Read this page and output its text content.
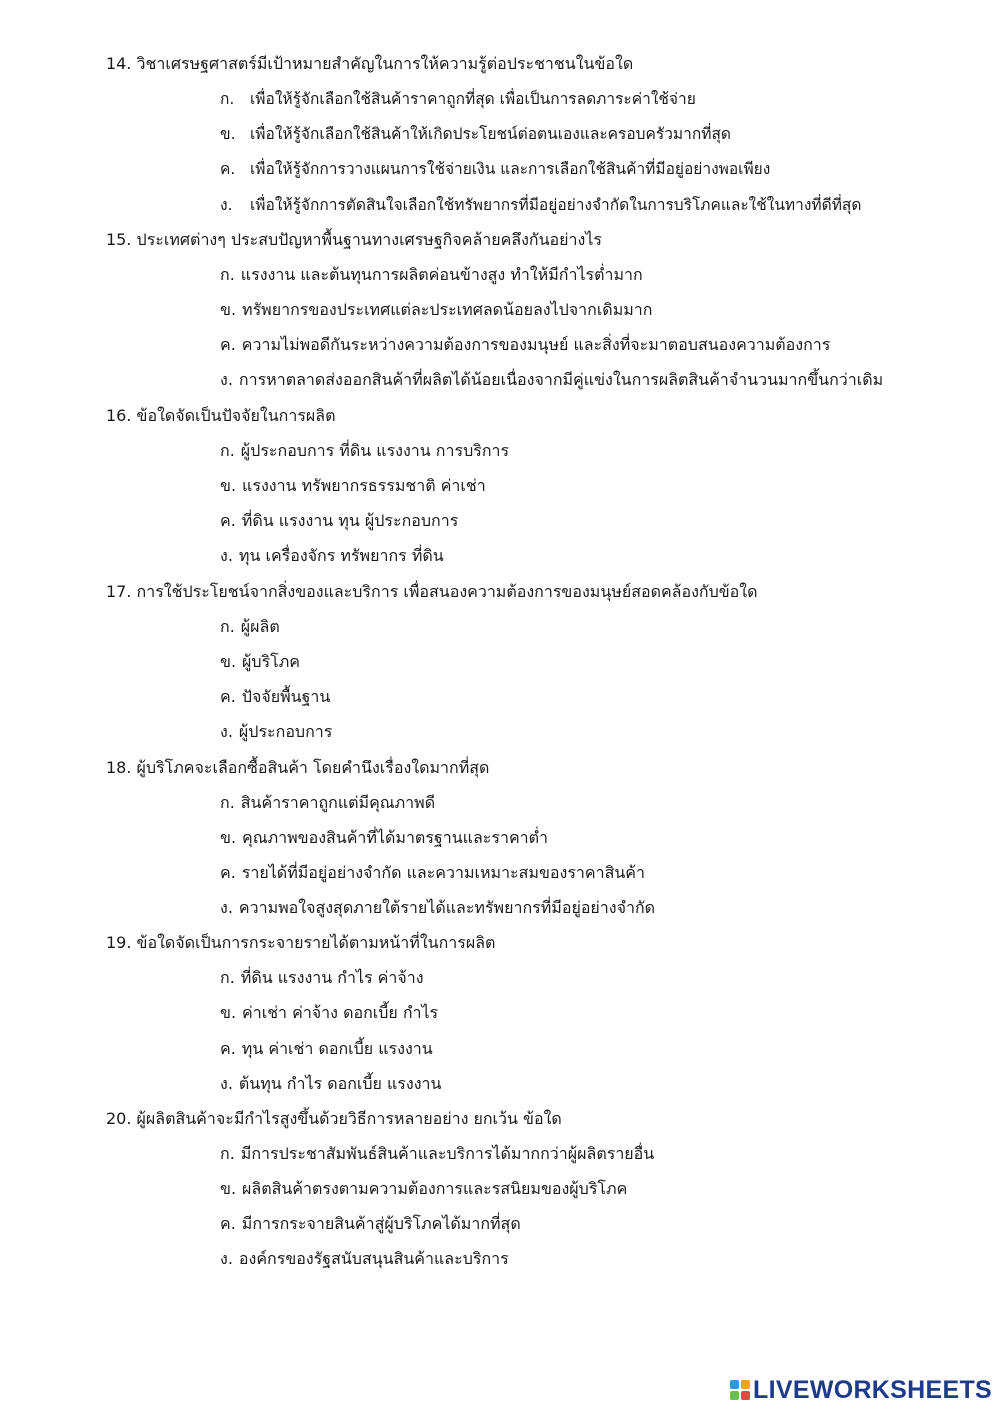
14. วิชาเศรษฐศาสตร์มีเป้าหมายสำคัญในการให้ความรู้ต่อประชาชนในข้อใด
ก. เพื่อให้รู้จักเลือกใช้สินค้าราคาถูกที่สุด เพื่อเป็นการลดภาระค่าใช้จ่าย
ข. เพื่อให้รู้จักเลือกใช้สินค้าให้เกิดประโยชน์ต่อตนเองและครอบครัวมากที่สุด
ค. เพื่อให้รู้จักการวางแผนการใช้จ่ายเงิน และการเลือกใช้สินค้าที่มีอยู่อย่างพอเพียง
ง. เพื่อให้รู้จักการตัดสินใจเลือกใช้ทรัพยากรที่มีอยู่อย่างจำกัดในการบริโภคและใช้ในทางที่ดีที่สุด
15. ประเทศต่างๆ ประสบปัญหาพื้นฐานทางเศรษฐกิจคล้ายคลึงกันอย่างไร
ก. แรงงาน และต้นทุนการผลิตค่อนข้างสูง ทำให้มีกำไรต่ำมาก
ข. ทรัพยากรของประเทศแต่ละประเทศลดน้อยลงไปจากเดิมมาก
ค. ความไม่พอดีกันระหว่างความต้องการของมนุษย์ และสิ่งที่จะมาตอบสนองความต้องการ
ง. การหาตลาดส่งออกสินค้าที่ผลิตได้น้อยเนื่องจากมีคู่แข่งในการผลิตสินค้าจำนวนมากขึ้นกว่าเดิม
16. ข้อใดจัดเป็นปัจจัยในการผลิต
ก. ผู้ประกอบการ ที่ดิน แรงงาน การบริการ
ข. แรงงาน ทรัพยากรธรรมชาติ ค่าเช่า
ค. ที่ดิน แรงงาน ทุน ผู้ประกอบการ
ง. ทุน เครื่องจักร ทรัพยากร ที่ดิน
17. การใช้ประโยชน์จากสิ่งของและบริการ เพื่อสนองความต้องการของมนุษย์สอดคล้องกับข้อใด
ก. ผู้ผลิต
ข. ผู้บริโภค
ค. ปัจจัยพื้นฐาน
ง. ผู้ประกอบการ
18. ผู้บริโภคจะเลือกซื้อสินค้า โดยคำนึงเรื่องใดมากที่สุด
ก. สินค้าราคาถูกแต่มีคุณภาพดี
ข. คุณภาพของสินค้าที่ได้มาตรฐานและราคาต่ำ
ค. รายได้ที่มีอยู่อย่างจำกัด และความเหมาะสมของราคาสินค้า
ง. ความพอใจสูงสุดภายใต้รายได้และทรัพยากรที่มีอยู่อย่างจำกัด
19. ข้อใดจัดเป็นการกระจายรายได้ตามหน้าที่ในการผลิต
ก. ที่ดิน แรงงาน กำไร ค่าจ้าง
ข. ค่าเช่า ค่าจ้าง ดอกเบี้ย กำไร
ค. ทุน ค่าเช่า ดอกเบี้ย แรงงาน
ง. ต้นทุน กำไร ดอกเบี้ย แรงงาน
20. ผู้ผลิตสินค้าจะมีกำไรสูงขึ้นด้วยวิธีการหลายอย่าง ยกเว้น ข้อใด
ก. มีการประชาสัมพันธ์สินค้าและบริการได้มากกว่าผู้ผลิตรายอื่น
ข. ผลิตสินค้าตรงตามความต้องการและรสนิยมของผู้บริโภค
ค. มีการกระจายสินค้าสู่ผู้บริโภคได้มากที่สุด
ง. องค์กรของรัฐสนับสนุนสินค้าและบริการ
LIVEWORKSHEETS
